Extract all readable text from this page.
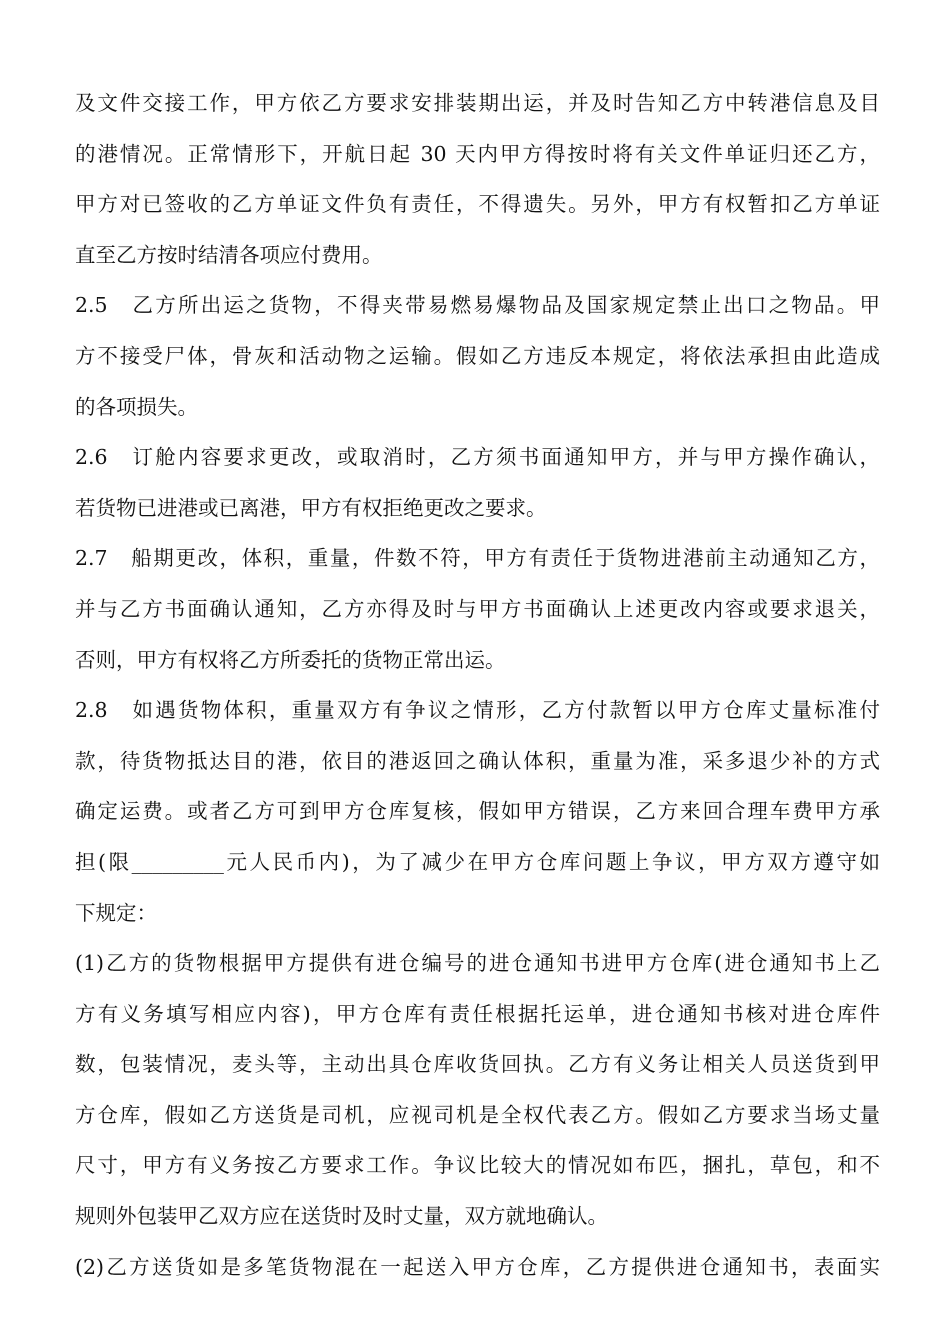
及文件交接工作，甲方依乙方要求安排装期出运，并及时告知乙方中转港信息及目
的港情况。正常情形下，开航日起 30 天内甲方得按时将有关文件单证归还乙方，
甲方对已签收的乙方单证文件负有责任，不得遗失。另外，甲方有权暂扣乙方单证
直至乙方按时结清各项应付费用。
2.5　乙方所出运之货物，不得夹带易燃易爆物品及国家规定禁止出口之物品。甲
方不接受尸体，骨灰和活动物之运输。假如乙方违反本规定，将依法承担由此造成
的各项损失。
2.6　订舱内容要求更改，或取消时，乙方须书面通知甲方，并与甲方操作确认，
若货物已进港或已离港，甲方有权拒绝更改之要求。
2.7　船期更改，体积，重量，件数不符，甲方有责任于货物进港前主动通知乙方，
并与乙方书面确认通知，乙方亦得及时与甲方书面确认上述更改内容或要求退关，
否则，甲方有权将乙方所委托的货物正常出运。
2.8　如遇货物体积，重量双方有争议之情形，乙方付款暂以甲方仓库丈量标准付
款，待货物抵达目的港，依目的港返回之确认体积，重量为准，采多退少补的方式
确定运费。或者乙方可到甲方仓库复核，假如甲方错误，乙方来回合理车费甲方承
担(限_________元人民币内)，为了减少在甲方仓库问题上争议，甲方双方遵守如
下规定：
(1)乙方的货物根据甲方提供有进仓编号的进仓通知书进甲方仓库(进仓通知书上乙
方有义务填写相应内容)，甲方仓库有责任根据托运单，进仓通知书核对进仓库件
数，包装情况，麦头等，主动出具仓库收货回执。乙方有义务让相关人员送货到甲
方仓库，假如乙方送货是司机，应视司机是全权代表乙方。假如乙方要求当场丈量
尺寸，甲方有义务按乙方要求工作。争议比较大的情况如布匹，捆扎，草包，和不
规则外包装甲乙双方应在送货时及时丈量，双方就地确认。
(2)乙方送货如是多笔货物混在一起送入甲方仓库，乙方提供进仓通知书，表面实
